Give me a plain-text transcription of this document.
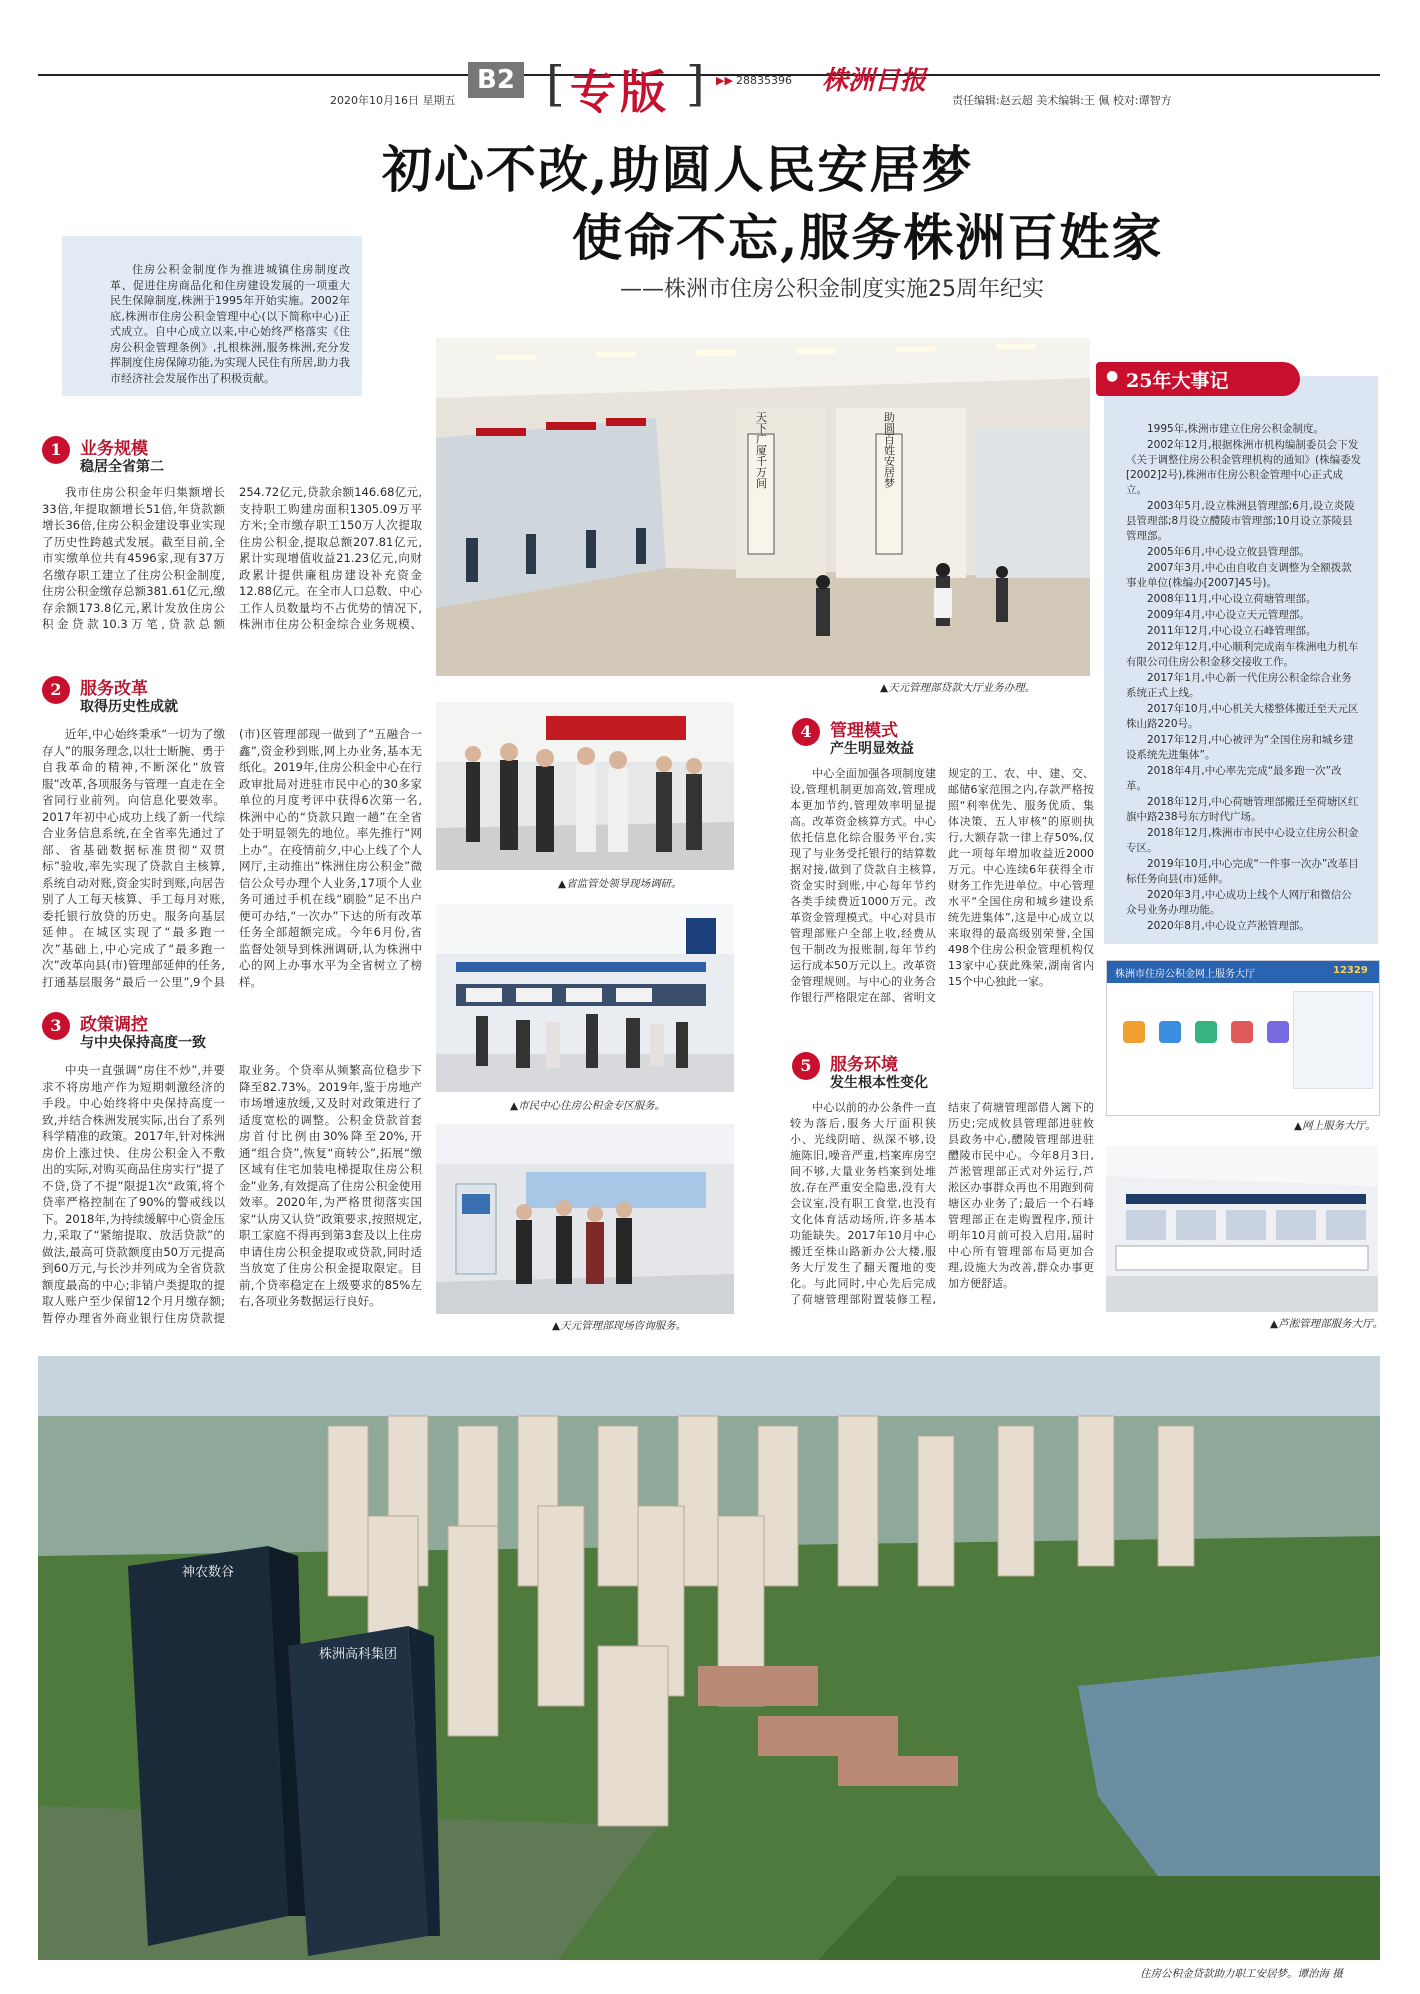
2020年10月16日 星期五
B2 [ 专版 ] ▶▶ 28835396 株洲日报
责任编辑:赵云超 美术编辑:王 佩 校对:谭智方
初心不改,助圆人民安居梦
使命不忘,服务株洲百姓家
——株洲市住房公积金制度实施25周年纪实
住房公积金制度作为推进城镇住房制度改革、促进住房商品化和住房建设发展的一项重大民生保障制度,株洲于1995年开始实施。2002年底,株洲市住房公积金管理中心(以下简称中心)正式成立。自中心成立以来,中心始终严格落实《住房公积金管理条例》,扎根株洲,服务株洲,充分发挥制度住房保障功能,为实现人民住有所居,助力我市经济社会发展作出了积极贡献。
1	业务规模
稳居全省第二
我市住房公积金年归集额增长33倍,年提取额增长51倍,年贷款额增长36倍,住房公积金建设事业实现了历史性跨越式发展。截至目前,全市实缴单位共有4596家,现有37万名缴存职工建立了住房公积金制度,住房公积金缴存总额381.61亿元,缴存余额173.8亿元,累计发放住房公积金贷款10.3万笔,贷款总额254.72亿元,贷款余额146.68亿元,支持职工购建房面积1305.09万平方米;全市缴存职工150万人次提取住房公积金,提取总额207.81亿元,累计实现增值收益21.23亿元,向财政累计提供廉租房建设补充资金12.88亿元。在全市人口总数、中心工作人员数量均不占优势的情况下,株洲市住房公积金综合业务规模、
2	服务改革
取得历史性成就
近年,中心始终秉承“一切为了缴存人”的服务理念,以壮士断腕、勇于自我革命的精神,不断深化“放管服”改革,各项服务与管理一直走在全省同行业前列。向信息化要效率。2017年初中心成功上线了新一代综合业务信息系统,在全省率先通过了部、省基础数据标准贯彻“双贯标”验收,率先实现了贷款自主核算,系统自动对账,资金实时到账,向居告别了人工每天核算、手工每月对账,委托银行放贷的历史。服务向基层延伸。在城区实现了“最多跑一次”基础上,中心完成了“最多跑一次”改革向县(市)管理部延伸的任务,打通基层服务“最后一公里”,9个县(市)区管理部现一做到了“五融合一鑫”,资金秒到账,网上办业务,基本无纸化。2019年,住房公积金中心在行政审批局对进驻市民中心的30多家单位的月度考评中获得6次第一名,株洲中心的“贷款只跑一趟”在全省处于明显领先的地位。率先推行“网上办”。在疫情前夕,中心上线了个人网厅,主动推出“株洲住房公积金”微信公众号办理个人业务,17项个人业务可通过手机在线“刷脸”足不出户便可办结,“一次办”下达的所有改革任务全部超额完成。今年6月份,省监督处领导到株洲调研,认为株洲中心的网上办事水平为全省树立了榜样。
3	政策调控
与中央保持高度一致
中央一直强调“房住不炒”,并要求不将房地产作为短期刺激经济的手段。中心始终将中央保持高度一致,并结合株洲发展实际,出台了系列科学精准的政策。2017年,针对株洲房价上涨过快、住房公积金入不敷出的实际,对购买商品住房实行“提了不贷,贷了不提”限提1次“政策,将个贷率严格控制在了90%的警戒线以下。2018年,为持续缓解中心资金压力,采取了“紧缩提取、放活贷款”的做法,最高可贷款额度由50万元提高到60万元,与长沙并列成为全省贷款额度最高的中心;非销户类提取的提取人账户至少保留12个月月缴存额;暂停办理省外商业银行住房贷款提取业务。个贷率从频繁高位稳步下降至82.73%。2019年,鉴于房地产市场增速放缓,又及时对政策进行了适度宽松的调整。公积金贷款首套房首付比例由30%降至20%,开通“组合贷”,恢复“商转公”,拓展“缴区域有住宅加装电梯提取住房公积金”业务,有效提高了住房公积金使用效率。2020年,为严格贯彻落实国家“认房又认贷”政策要求,按照规定,职工家庭不得再到第3套及以上住房申请住房公积金提取或贷款,同时适当放宽了住房公积金提取限定。目前,个贷率稳定在上级要求的85%左右,各项业务数据运行良好。
天下广厦千万间	助圆百姓安居梦
▲天元管理部贷款大厅业务办理。
▲省监管处领导现场调研。
▲市民中心住房公积金专区服务。
▲天元管理部现场咨询服务。
4	管理模式
产生明显效益
中心全面加强各项制度建设,管理机制更加高效,管理成本更加节约,管理效率明显提高。改革资金核算方式。中心依托信息化综合服务平台,实现了与业务受托银行的结算数据对接,做到了贷款自主核算,资金实时到账,中心每年节约各类手续费近1000万元。改革资金管理模式。中心对县市管理部账户全部上收,经费从包干制改为报账制,每年节约运行成本50万元以上。改革资金管理规则。与中心的业务合作银行严格限定在部、省明文规定的工、农、中、建、交、邮储6家范围之内,存款严格按照“利率优先、服务优质、集体决策、五人审核”的原则执行,大额存款一律上存50%,仅此一项每年增加收益近2000万元。中心连续6年获得全市财务工作先进单位。中心管理水平“全国住房和城乡建设系统先进集体”,这是中心成立以来取得的最高级别荣誉,全国498个住房公积金管理机构仅13家中心获此殊荣,湖南省内15个中心独此一家。
5	服务环境
发生根本性变化
中心以前的办公条件一直较为落后,服务大厅面积狭小、光线阴暗、纵深不够,设施陈旧,噪音严重,档案库房空间不够,大量业务档案到处堆放,存在严重安全隐患,没有大会议室,没有职工食堂,也没有文化体育活动场所,许多基本功能缺失。2017年10月中心搬迁至株山路新办公大楼,服务大厅发生了翻天覆地的变化。与此同时,中心先后完成了荷塘管理部附置装修工程,结束了荷塘管理部借人篱下的历史;完成攸县管理部进驻攸县政务中心,醴陵管理部进驻醴陵市民中心。今年8月3日,芦淞管理部正式对外运行,芦淞区办事群众再也不用跑到荷塘区办业务了;最后一个石峰管理部正在走购置程序,预计明年10月前可投入启用,届时中心所有管理部布局更加合理,设施大为改善,群众办事更加方便舒适。
● 25年大事记
1995年,株洲市建立住房公积金制度。
2002年12月,根据株洲市机构编制委员会下发《关于调整住房公积金管理机构的通知》(株编委发[2002]2号),株洲市住房公积金管理中心正式成立。
2003年5月,设立株洲县管理部;6月,设立炎陵县管理部;8月设立醴陵市管理部;10月设立茶陵县管理部。
2005年6月,中心设立攸县管理部。
2007年3月,中心由自收自支调整为全额拨款事业单位(株编办[2007]45号)。
2008年11月,中心设立荷塘管理部。
2009年4月,中心设立天元管理部。
2011年12月,中心设立石峰管理部。
2012年12月,中心顺利完成南车株洲电力机车有限公司住房公积金移交接收工作。
2017年1月,中心新一代住房公积金综合业务系统正式上线。
2017年10月,中心机关大楼整体搬迁至天元区株山路220号。
2017年12月,中心被评为“全国住房和城乡建设系统先进集体”。
2018年4月,中心率先完成“最多跑一次”改革。
2018年12月,中心荷塘管理部搬迁至荷塘区红旗中路238号东方时代广场。
2018年12月,株洲市市民中心设立住房公积金专区。
2019年10月,中心完成“一件事一次办”改革目标任务向县(市)延伸。
2020年3月,中心成功上线个人网厅和微信公众号业务办理功能。
2020年8月,中心设立芦淞管理部。
株洲市住房公积金网上服务大厅	12329
▲网上服务大厅。
▲芦淞管理部服务大厅。
神农数谷
株洲高科集团
住房公积金贷款助力职工安居梦。谭治海 摄
